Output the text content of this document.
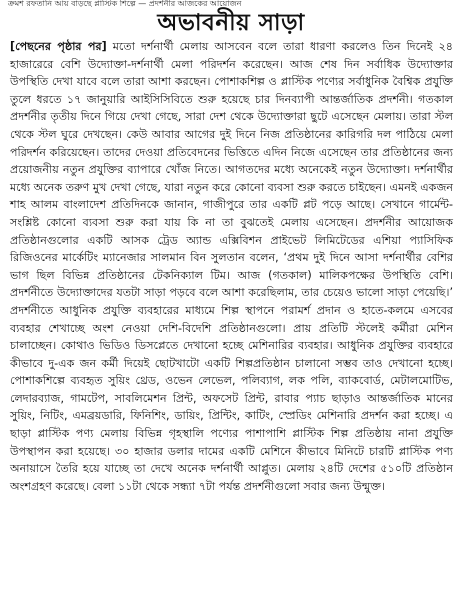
ক্রমশ রফতানি আয় বাড়ছে প্লাস্টিক শিল্পে — প্রদর্শনীর আজকের আয়োজন
অভাবনীয় সাড়া

[পেছনের পৃষ্ঠার পর] মতো দর্শনার্থী মেলায় আসবেন বলে তারা ধারণা করলেও তিন দিনেই ২৪ হাজারেরে বেশি উদ্যোক্তা-দর্শনার্থী মেলা পরিদর্শন করেছেন। আজ শেষ দিন সর্বাধিক উদ্যোক্তার উপস্থিতি দেখা যাবে বলে তারা আশা করছেন। পোশাকশিল্প ও প্লাস্টিক পণ্যের সর্বাধুনিক বৈশ্বিক প্রযুক্তি তুলে ধরতে ১৭ জানুয়ারি আইসিসিবিতে শুরু হয়েছে চার দিনব্যাপী আন্তর্জাতিক প্রদর্শনী। গতকাল প্রদর্শনীর তৃতীয় দিনে গিয়ে দেখা গেছে, সারা দেশ থেকে উদ্যোক্তারা ছুটে এসেছেন মেলায়। তারা স্টল থেকে স্টল ঘুরে দেখছেন। কেউ আবার আগের দুই দিনে নিজ প্রতিষ্ঠানের কারিগরি দল পাঠিয়ে মেলা পরিদর্শন করিয়েছেন। তাদের দেওয়া প্রতিবেদনের ভিত্তিতে এদিন নিজে এসেছেন তার প্রতিষ্ঠানের জন্য প্রয়োজনীয় নতুন প্রযুক্তির ব্যাপারে খোঁজ নিতে। আগতদের মধ্যে অনেকেই নতুন উদ্যোক্তা। দর্শনার্থীর মধ্যে অনেক তরুণ মুখ দেখা গেছে, যারা নতুন করে কোনো ব্যবসা শুরু করতে চাইছেন। এমনই একজন শাহ আলম বাংলাদেশ প্রতিদিনকে জানান, গাজীপুরে তার একটি প্লট পড়ে আছে। সেখানে গার্মেন্ট-সংশ্লিষ্ট কোনো ব্যবসা শুরু করা যায় কি না তা বুঝতেই মেলায় এসেছেন। প্রদর্শনীর আয়োজক প্রতিষ্ঠানগুলোর একটি আসক ট্রেড অ্যান্ড এক্সিবিশন প্রাইভেট লিমিটেডের এশিয়া প্যাসিফিক রিজিওনের মার্কেটিং ম্যানেজার সালমান বিন সুলতান বলেন, ‘প্রথম দুই দিনে আসা দর্শনার্থীর বেশির ভাগ ছিল বিভিন্ন প্রতিষ্ঠানের টেকনিক্যাল টিম। আজ (গতকাল) মালিকপক্ষের উপস্থিতি বেশি। প্রদর্শনীতে উদ্যোক্তাদের যতটা সাড়া পড়বে বলে আশা করেছিলাম, তার চেয়েও ভালো সাড়া পেয়েছি।’ প্রদর্শনীতে আধুনিক প্রযুক্তি ব্যবহারের মাধ্যমে শিল্প স্থাপনে পরামর্শ প্রদান ও হাতে-কলমে এসবের ব্যবহার শেখাচ্ছে অংশ নেওয়া দেশি-বিদেশি প্রতিষ্ঠানগুলো। প্রায় প্রতিটি স্টলেই কর্মীরা মেশিন চালাচ্ছেন। কোথাও ভিডিও ডিসপ্লেতে দেখানো হচ্ছে মেশিনারির ব্যবহার। আধুনিক প্রযুক্তির ব্যবহারে কীভাবে দু-এক জন কর্মী দিয়েই ছোটখাটো একটি শিল্পপ্রতিষ্ঠান চালানো সম্ভব তাও দেখানো হচ্ছে। পোশাকশিল্পে ব্যবহৃত সুয়িং থ্রেড, ওভেন লেভেল, পলিব্যাগ, লক পলি, ব্যাকবোর্ড, মেটালমোটিভ, লেদারব্যাজ, গামটেপ, সাবলিমেশন প্রিন্ট, অফসেট প্রিন্ট, রাবার প্যাচ ছাড়াও আন্তর্জাতিক মানের সুয়িং, নিটিং, এমব্রয়ডারি, ফিনিশিং, ডায়িং, প্রিন্টিং, কাটিং, স্প্রেডিং মেশিনারি প্রদর্শন করা হচ্ছে। এ ছাড়া প্লাস্টিক পণ্য মেলায় বিভিন্ন গৃহস্থালি পণ্যের পাশাপাশি প্লাস্টিক শিল্প প্রতিষ্ঠায় নানা প্রযুক্তি উপস্থাপন করা হয়েছে। ৩০ হাজার ডলার দামের একটি মেশিনে কীভাবে মিনিটে চারটি প্লাস্টিক পণ্য অনায়াসে তৈরি হয়ে যাচ্ছে তা দেখে অনেক দর্শনার্থী আপ্লুত। মেলায় ২৪টি দেশের ৫১০টি প্রতিষ্ঠান অংশগ্রহণ করেছে। বেলা ১১টা থেকে সন্ধ্যা ৭টা পর্যন্ত প্রদর্শনীগুলো সবার জন্য উন্মুক্ত।
